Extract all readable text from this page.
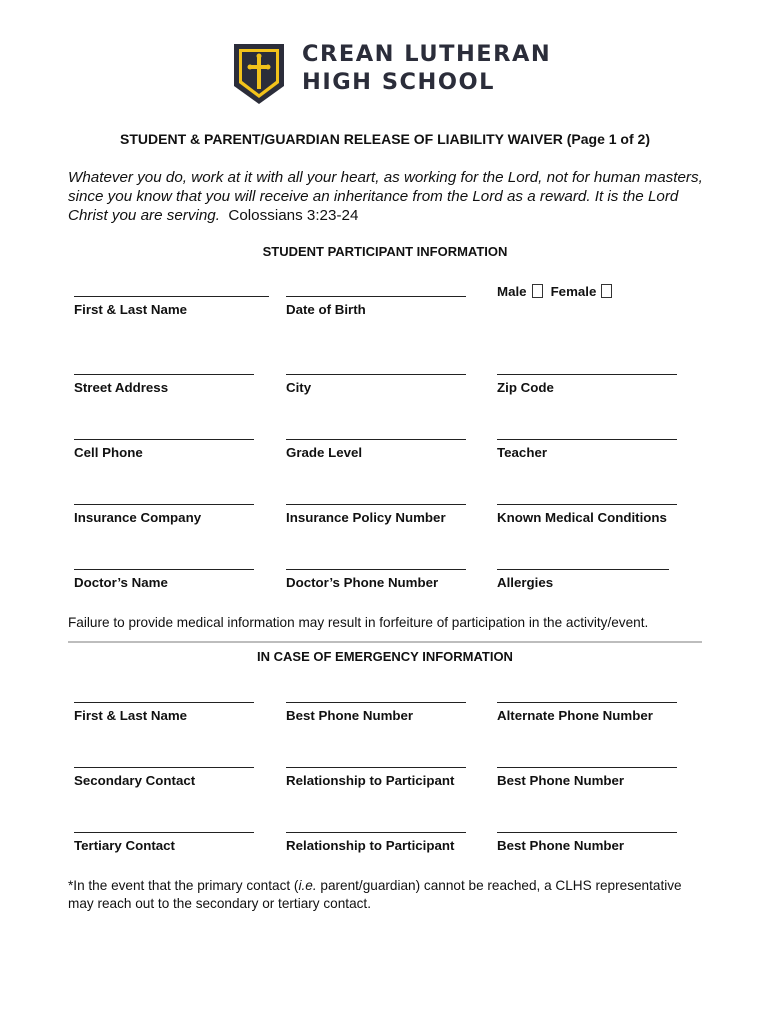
CREAN LUTHERAN
HIGH SCHOOL
STUDENT & PARENT/GUARDIAN RELEASE OF LIABILITY WAIVER (Page 1 of 2)
Whatever you do, work at it with all your heart, as working for the Lord, not for human masters, since you know that you will receive an inheritance from the Lord as a reward. It is the Lord Christ you are serving. Colossians 3:23-24
STUDENT PARTICIPANT INFORMATION
Male Female
First & Last Name	Date of Birth
Street Address	City	Zip Code
Cell Phone	Grade Level	Teacher
Insurance Company	Insurance Policy Number	Known Medical Conditions
Doctor’s Name	Doctor’s Phone Number	Allergies
Failure to provide medical information may result in forfeiture of participation in the activity/event.
IN CASE OF EMERGENCY INFORMATION
First & Last Name	Best Phone Number	Alternate Phone Number
Secondary Contact	Relationship to Participant	Best Phone Number
Tertiary Contact	Relationship to Participant	Best Phone Number
*In the event that the primary contact (i.e. parent/guardian) cannot be reached, a CLHS representative may reach out to the secondary or tertiary contact.
